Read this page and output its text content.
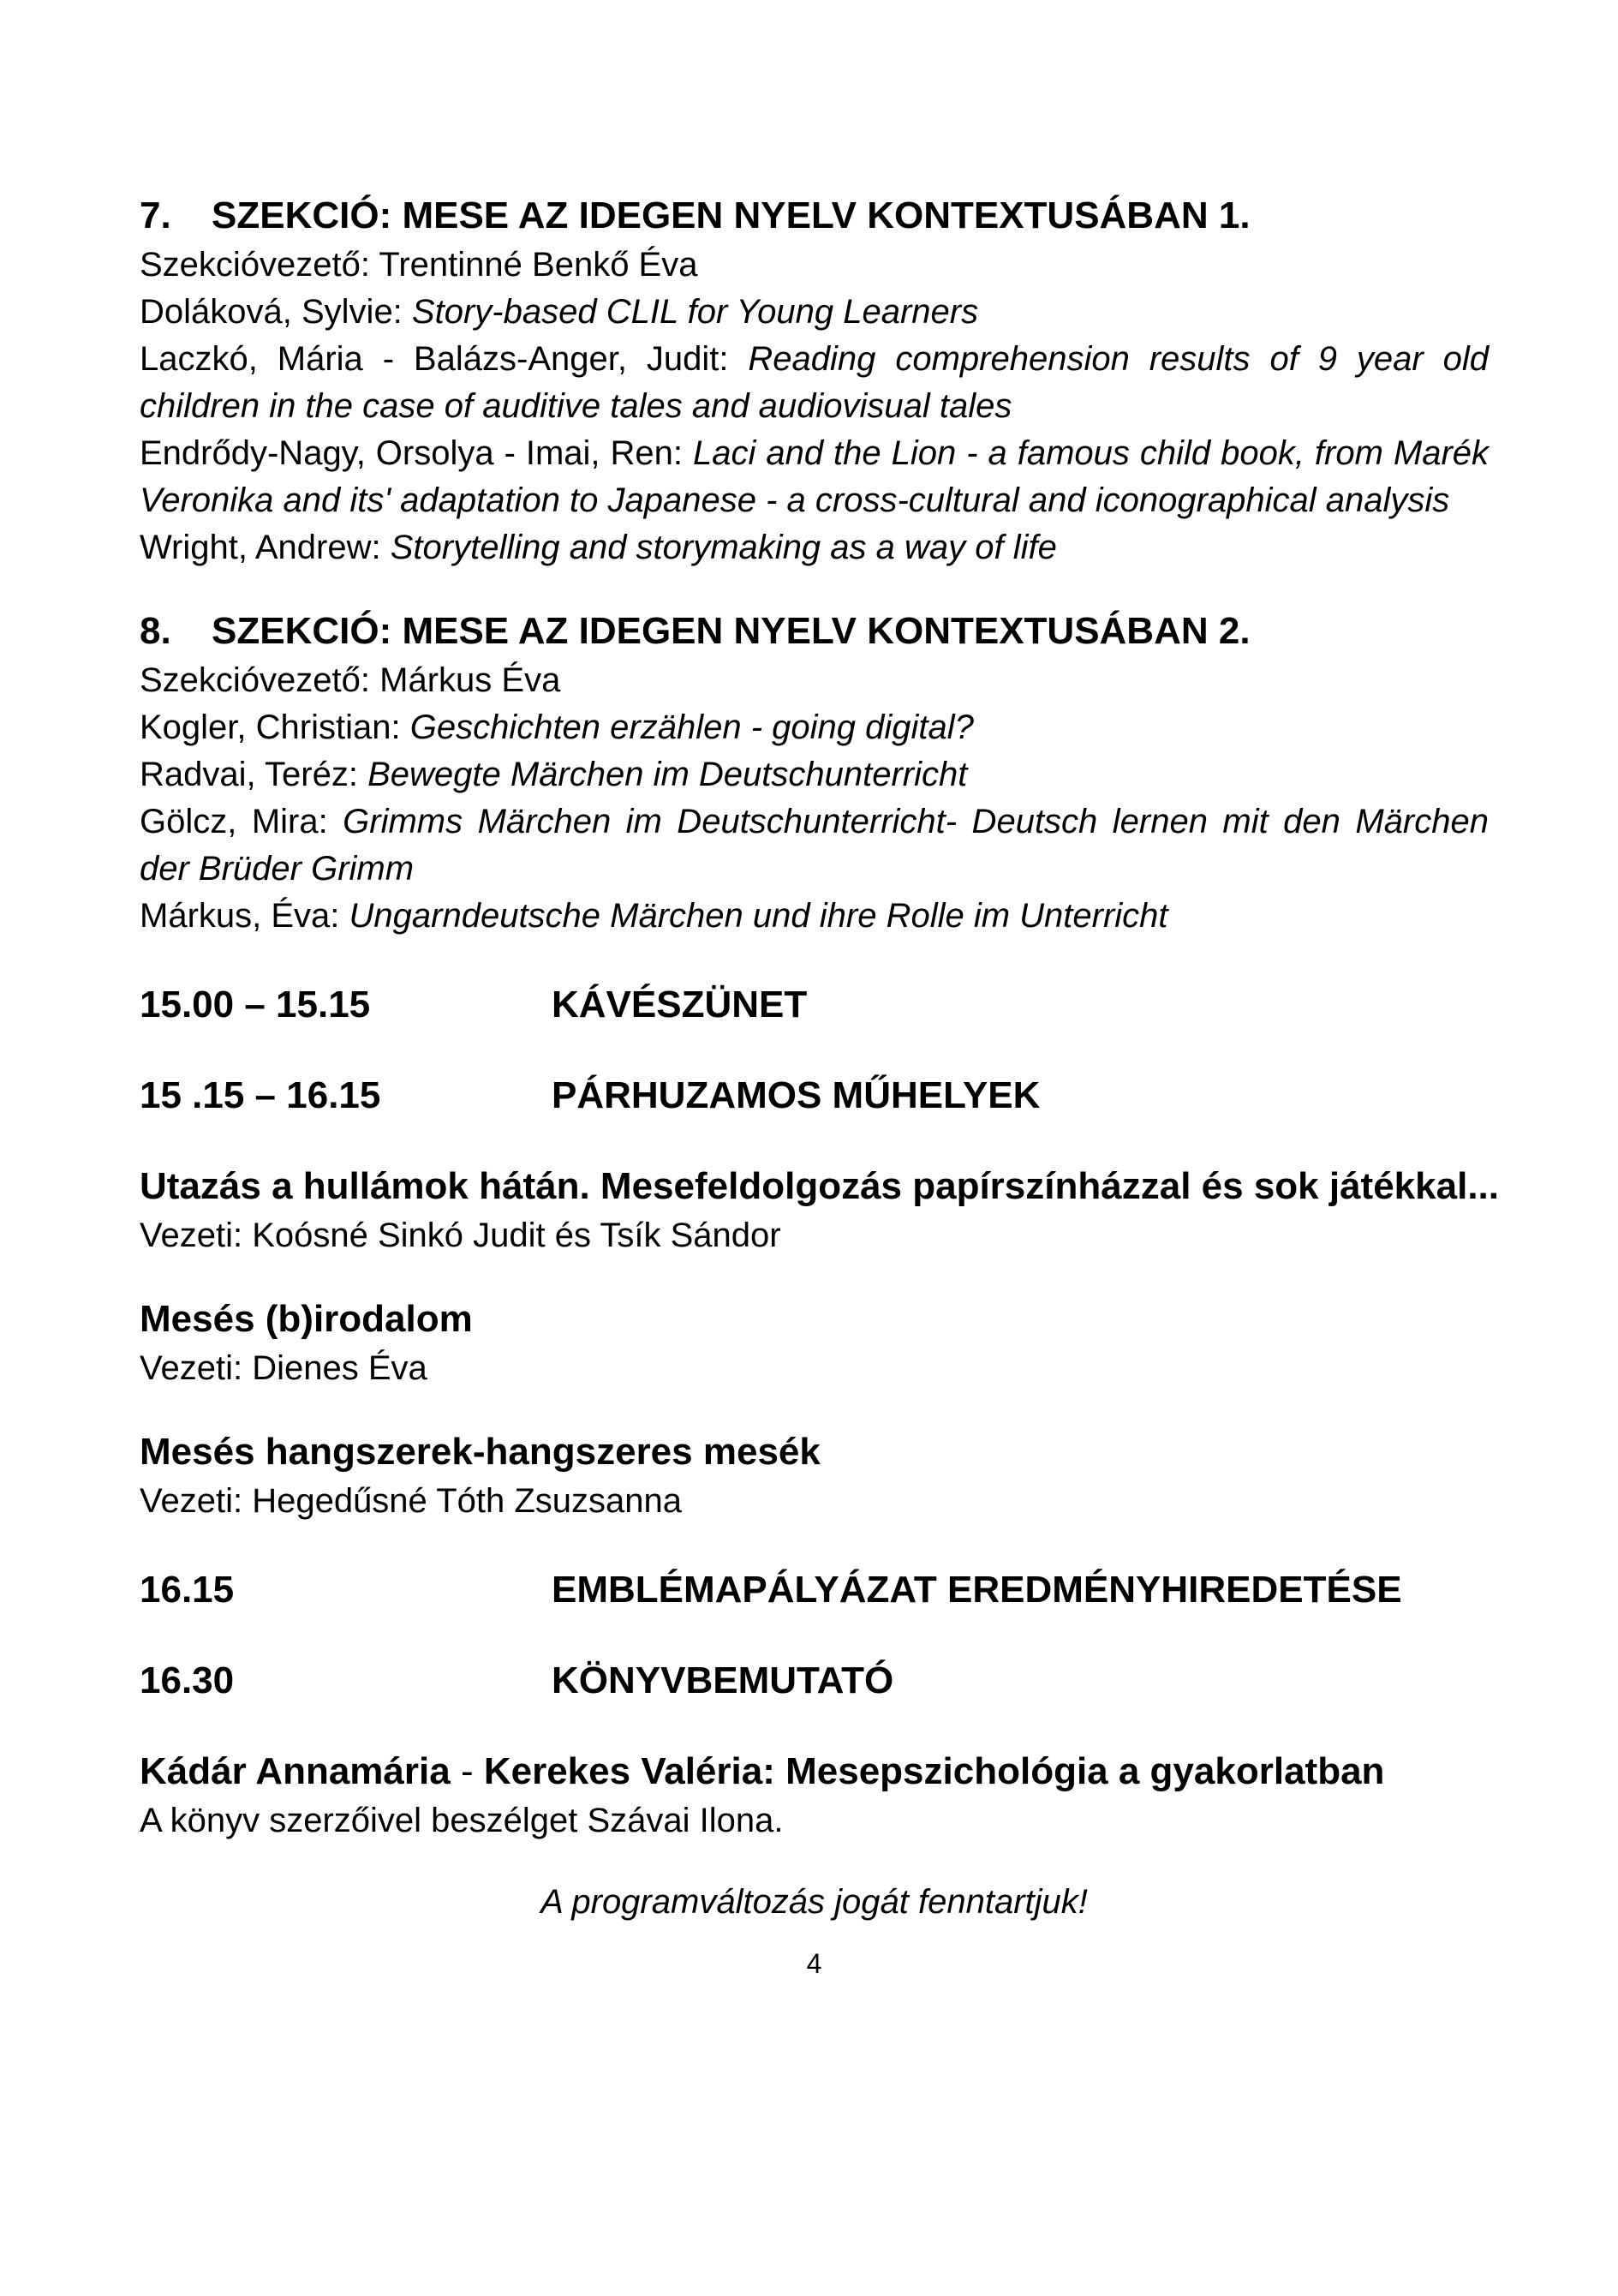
7. SZEKCIÓ: MESE AZ IDEGEN NYELV KONTEXTUSÁBAN 1.
Szekcióvezető: Trentinné Benkő Éva
Doláková, Sylvie: Story-based CLIL for Young Learners
Laczkó, Mária - Balázs-Anger, Judit: Reading comprehension results of 9 year old children in the case of auditive tales and audiovisual tales
Endrődy-Nagy, Orsolya - Imai, Ren: Laci and the Lion - a famous child book, from Marék Veronika and its' adaptation to Japanese - a cross-cultural and iconographical analysis
Wright, Andrew: Storytelling and storymaking as a way of life
8. SZEKCIÓ: MESE AZ IDEGEN NYELV KONTEXTUSÁBAN 2.
Szekcióvezető: Márkus Éva
Kogler, Christian: Geschichten erzählen - going digital?
Radvai, Teréz: Bewegte Märchen im Deutschunterricht
Gölcz, Mira: Grimms Märchen im Deutschunterricht- Deutsch lernen mit den Märchen der Brüder Grimm
Márkus, Éva: Ungarndeutsche Märchen und ihre Rolle im Unterricht
15.00 – 15.15	KÁVÉSZÜNET
15 .15 – 16.15	PÁRHUZAMOS MŰHELYEK
Utazás a hullámok hátán. Mesefeldolgozás papírszínházzal és sok játékkal...
Vezeti: Koósné Sinkó Judit és Tsík Sándor
Mesés (b)irodalom
Vezeti: Dienes Éva
Mesés hangszerek-hangszeres mesék
Vezeti: Hegedűsné Tóth Zsuzsanna
16.15	EMBLÉMAPÁLYÁZAT EREDMÉNYHIREDETÉSE
16.30	KÖNYVBEMUTATÓ
Kádár Annamária - Kerekes Valéria: Mesepszichológia a gyakorlatban
A könyv szerzőivel beszélget Szávai Ilona.
A programváltozás jogát fenntartjuk!
4
